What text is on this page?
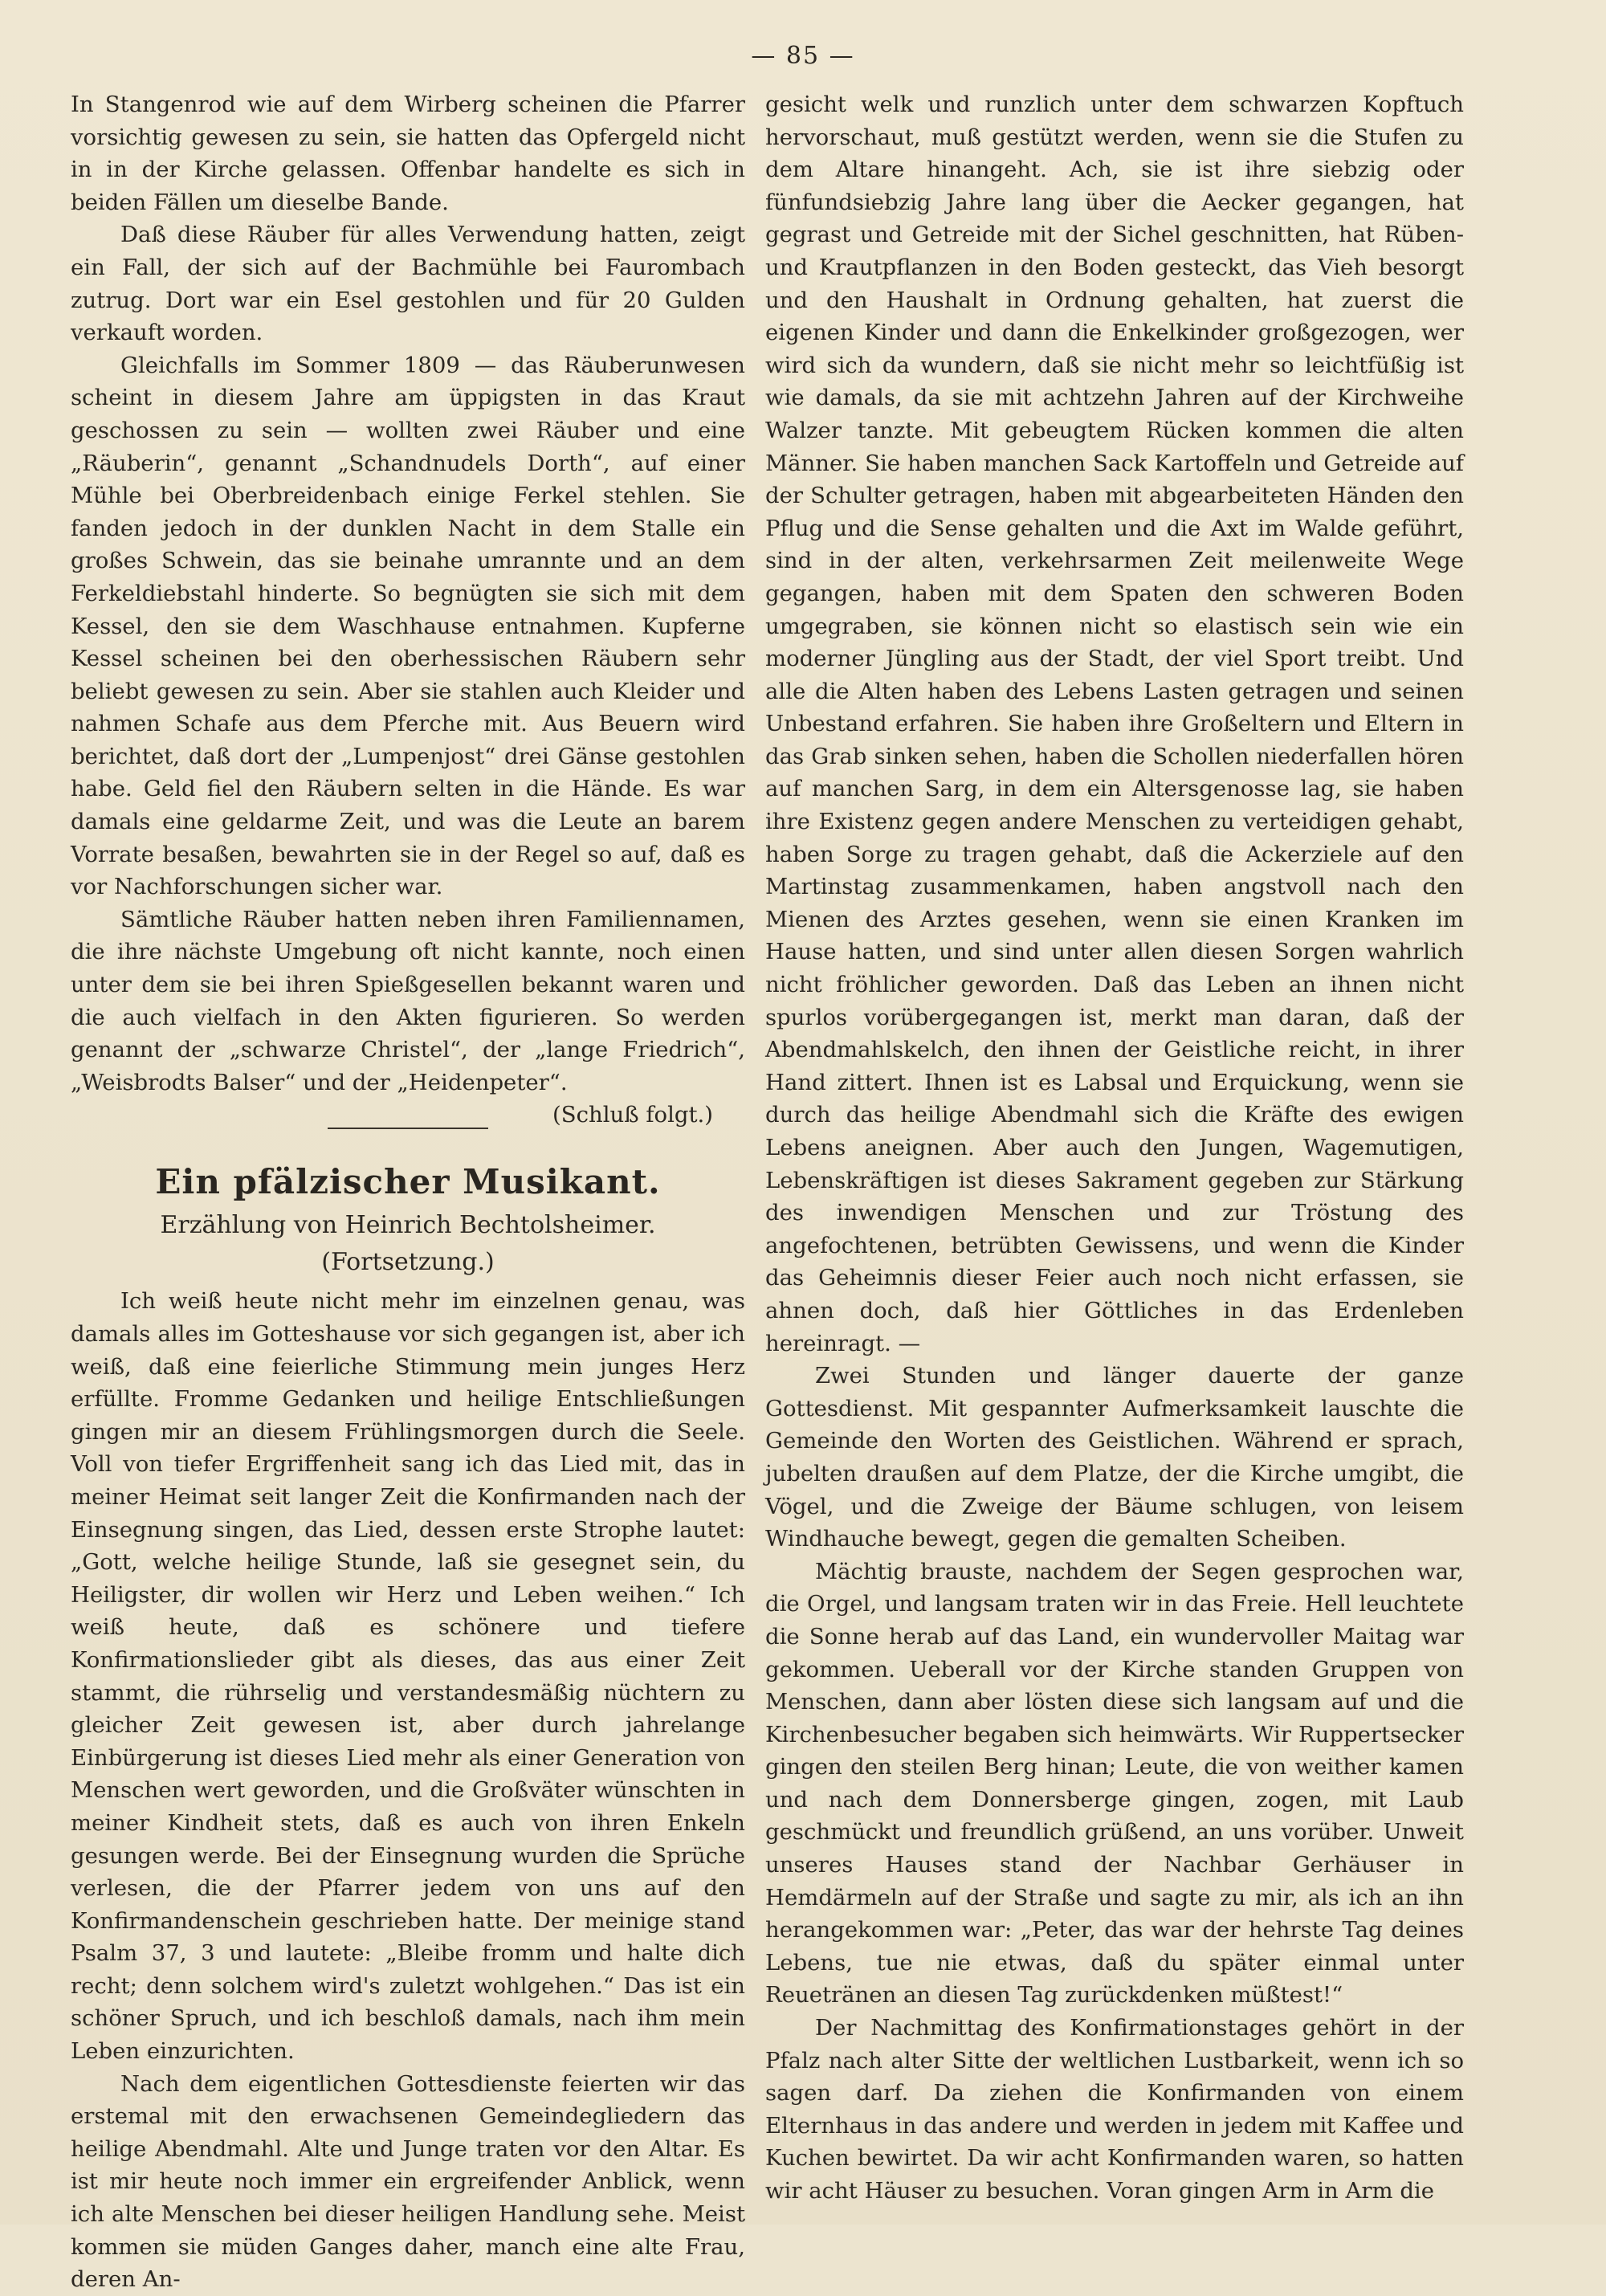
— 85 —

In Stangenrod wie auf dem Wirberg scheinen die Pfarrer vorsichtig gewesen zu sein, sie hatten das Opfergeld nicht in in der Kirche gelassen. Offenbar handelte es sich in beiden Fällen um dieselbe Bande.

Daß diese Räuber für alles Verwendung hatten, zeigt ein Fall, der sich auf der Bachmühle bei Faurombach zutrug. Dort war ein Esel gestohlen und für 20 Gulden verkauft worden.

Gleichfalls im Sommer 1809 — das Räuberunwesen scheint in diesem Jahre am üppigsten in das Kraut geschossen zu sein — wollten zwei Räuber und eine „Räuberin“, genannt „Schandnudels Dorth“, auf einer Mühle bei Oberbreidenbach einige Ferkel stehlen. Sie fanden jedoch in der dunklen Nacht in dem Stalle ein großes Schwein, das sie beinahe umrannte und an dem Ferkeldiebstahl hinderte. So begnügten sie sich mit dem Kessel, den sie dem Waschhause entnahmen. Kupferne Kessel scheinen bei den oberhessischen Räubern sehr beliebt gewesen zu sein. Aber sie stahlen auch Kleider und nahmen Schafe aus dem Pferche mit. Aus Beuern wird berichtet, daß dort der „Lumpenjost“ drei Gänse gestohlen habe. Geld fiel den Räubern selten in die Hände. Es war damals eine geldarme Zeit, und was die Leute an barem Vorrate besaßen, bewahrten sie in der Regel so auf, daß es vor Nachforschungen sicher war.

Sämtliche Räuber hatten neben ihren Familiennamen, die ihre nächste Umgebung oft nicht kannte, noch einen unter dem sie bei ihren Spießgesellen bekannt waren und die auch vielfach in den Akten figurieren. So werden genannt der „schwarze Christel“, der „lange Friedrich“, „Weisbrodts Balser“ und der „Heidenpeter“.
(Schluß folgt.)

Ein pfälzischer Musikant.
Erzählung von Heinrich Bechtolsheimer.
(Fortsetzung.)

Ich weiß heute nicht mehr im einzelnen genau, was damals alles im Gotteshause vor sich gegangen ist, aber ich weiß, daß eine feierliche Stimmung mein junges Herz erfüllte. Fromme Gedanken und heilige Entschließungen gingen mir an diesem Frühlingsmorgen durch die Seele. Voll von tiefer Ergriffenheit sang ich das Lied mit, das in meiner Heimat seit langer Zeit die Konfirmanden nach der Einsegnung singen, das Lied, dessen erste Strophe lautet: „Gott, welche heilige Stunde, laß sie gesegnet sein, du Heiligster, dir wollen wir Herz und Leben weihen.“ Ich weiß heute, daß es schönere und tiefere Konfirmationslieder gibt als dieses, das aus einer Zeit stammt, die rührselig und verstandesmäßig nüchtern zu gleicher Zeit gewesen ist, aber durch jahrelange Einbürgerung ist dieses Lied mehr als einer Generation von Menschen wert geworden, und die Großväter wünschten in meiner Kindheit stets, daß es auch von ihren Enkeln gesungen werde. Bei der Einsegnung wurden die Sprüche verlesen, die der Pfarrer jedem von uns auf den Konfirmandenschein geschrieben hatte. Der meinige stand Psalm 37, 3 und lautete: „Bleibe fromm und halte dich recht; denn solchem wird's zuletzt wohlgehen.“ Das ist ein schöner Spruch, und ich beschloß damals, nach ihm mein Leben einzurichten.

Nach dem eigentlichen Gottesdienste feierten wir das erstemal mit den erwachsenen Gemeindegliedern das heilige Abendmahl. Alte und Junge traten vor den Altar. Es ist mir heute noch immer ein ergreifender Anblick, wenn ich alte Menschen bei dieser heiligen Handlung sehe. Meist kommen sie müden Ganges daher, manch eine alte Frau, deren An-

gesicht welk und runzlich unter dem schwarzen Kopftuch hervorschaut, muß gestützt werden, wenn sie die Stufen zu dem Altare hinangeht. Ach, sie ist ihre siebzig oder fünfundsiebzig Jahre lang über die Aecker gegangen, hat gegrast und Getreide mit der Sichel geschnitten, hat Rüben- und Krautpflanzen in den Boden gesteckt, das Vieh besorgt und den Haushalt in Ordnung gehalten, hat zuerst die eigenen Kinder und dann die Enkelkinder großgezogen, wer wird sich da wundern, daß sie nicht mehr so leichtfüßig ist wie damals, da sie mit achtzehn Jahren auf der Kirchweihe Walzer tanzte. Mit gebeugtem Rücken kommen die alten Männer. Sie haben manchen Sack Kartoffeln und Getreide auf der Schulter getragen, haben mit abgearbeiteten Händen den Pflug und die Sense gehalten und die Axt im Walde geführt, sind in der alten, verkehrsarmen Zeit meilenweite Wege gegangen, haben mit dem Spaten den schweren Boden umgegraben, sie können nicht so elastisch sein wie ein moderner Jüngling aus der Stadt, der viel Sport treibt. Und alle die Alten haben des Lebens Lasten getragen und seinen Unbestand erfahren. Sie haben ihre Großeltern und Eltern in das Grab sinken sehen, haben die Schollen niederfallen hören auf manchen Sarg, in dem ein Altersgenosse lag, sie haben ihre Existenz gegen andere Menschen zu verteidigen gehabt, haben Sorge zu tragen gehabt, daß die Ackerziele auf den Martinstag zusammenkamen, haben angstvoll nach den Mienen des Arztes gesehen, wenn sie einen Kranken im Hause hatten, und sind unter allen diesen Sorgen wahrlich nicht fröhlicher geworden. Daß das Leben an ihnen nicht spurlos vorübergegangen ist, merkt man daran, daß der Abendmahlskelch, den ihnen der Geistliche reicht, in ihrer Hand zittert. Ihnen ist es Labsal und Erquickung, wenn sie durch das heilige Abendmahl sich die Kräfte des ewigen Lebens aneignen. Aber auch den Jungen, Wagemutigen, Lebenskräftigen ist dieses Sakrament gegeben zur Stärkung des inwendigen Menschen und zur Tröstung des angefochtenen, betrübten Gewissens, und wenn die Kinder das Geheimnis dieser Feier auch noch nicht erfassen, sie ahnen doch, daß hier Göttliches in das Erdenleben hereinragt. —

Zwei Stunden und länger dauerte der ganze Gottesdienst. Mit gespannter Aufmerksamkeit lauschte die Gemeinde den Worten des Geistlichen. Während er sprach, jubelten draußen auf dem Platze, der die Kirche umgibt, die Vögel, und die Zweige der Bäume schlugen, von leisem Windhauche bewegt, gegen die gemalten Scheiben.

Mächtig brauste, nachdem der Segen gesprochen war, die Orgel, und langsam traten wir in das Freie. Hell leuchtete die Sonne herab auf das Land, ein wundervoller Maitag war gekommen. Ueberall vor der Kirche standen Gruppen von Menschen, dann aber lösten diese sich langsam auf und die Kirchenbesucher begaben sich heimwärts. Wir Ruppertsecker gingen den steilen Berg hinan; Leute, die von weither kamen und nach dem Donnersberge gingen, zogen, mit Laub geschmückt und freundlich grüßend, an uns vorüber. Unweit unseres Hauses stand der Nachbar Gerhäuser in Hemdärmeln auf der Straße und sagte zu mir, als ich an ihn herangekommen war: „Peter, das war der hehrste Tag deines Lebens, tue nie etwas, daß du später einmal unter Reuetränen an diesen Tag zurückdenken müßtest!“

Der Nachmittag des Konfirmationstages gehört in der Pfalz nach alter Sitte der weltlichen Lustbarkeit, wenn ich so sagen darf. Da ziehen die Konfirmanden von einem Elternhaus in das andere und werden in jedem mit Kaffee und Kuchen bewirtet. Da wir acht Konfirmanden waren, so hatten wir acht Häuser zu besuchen. Voran gingen Arm in Arm die
